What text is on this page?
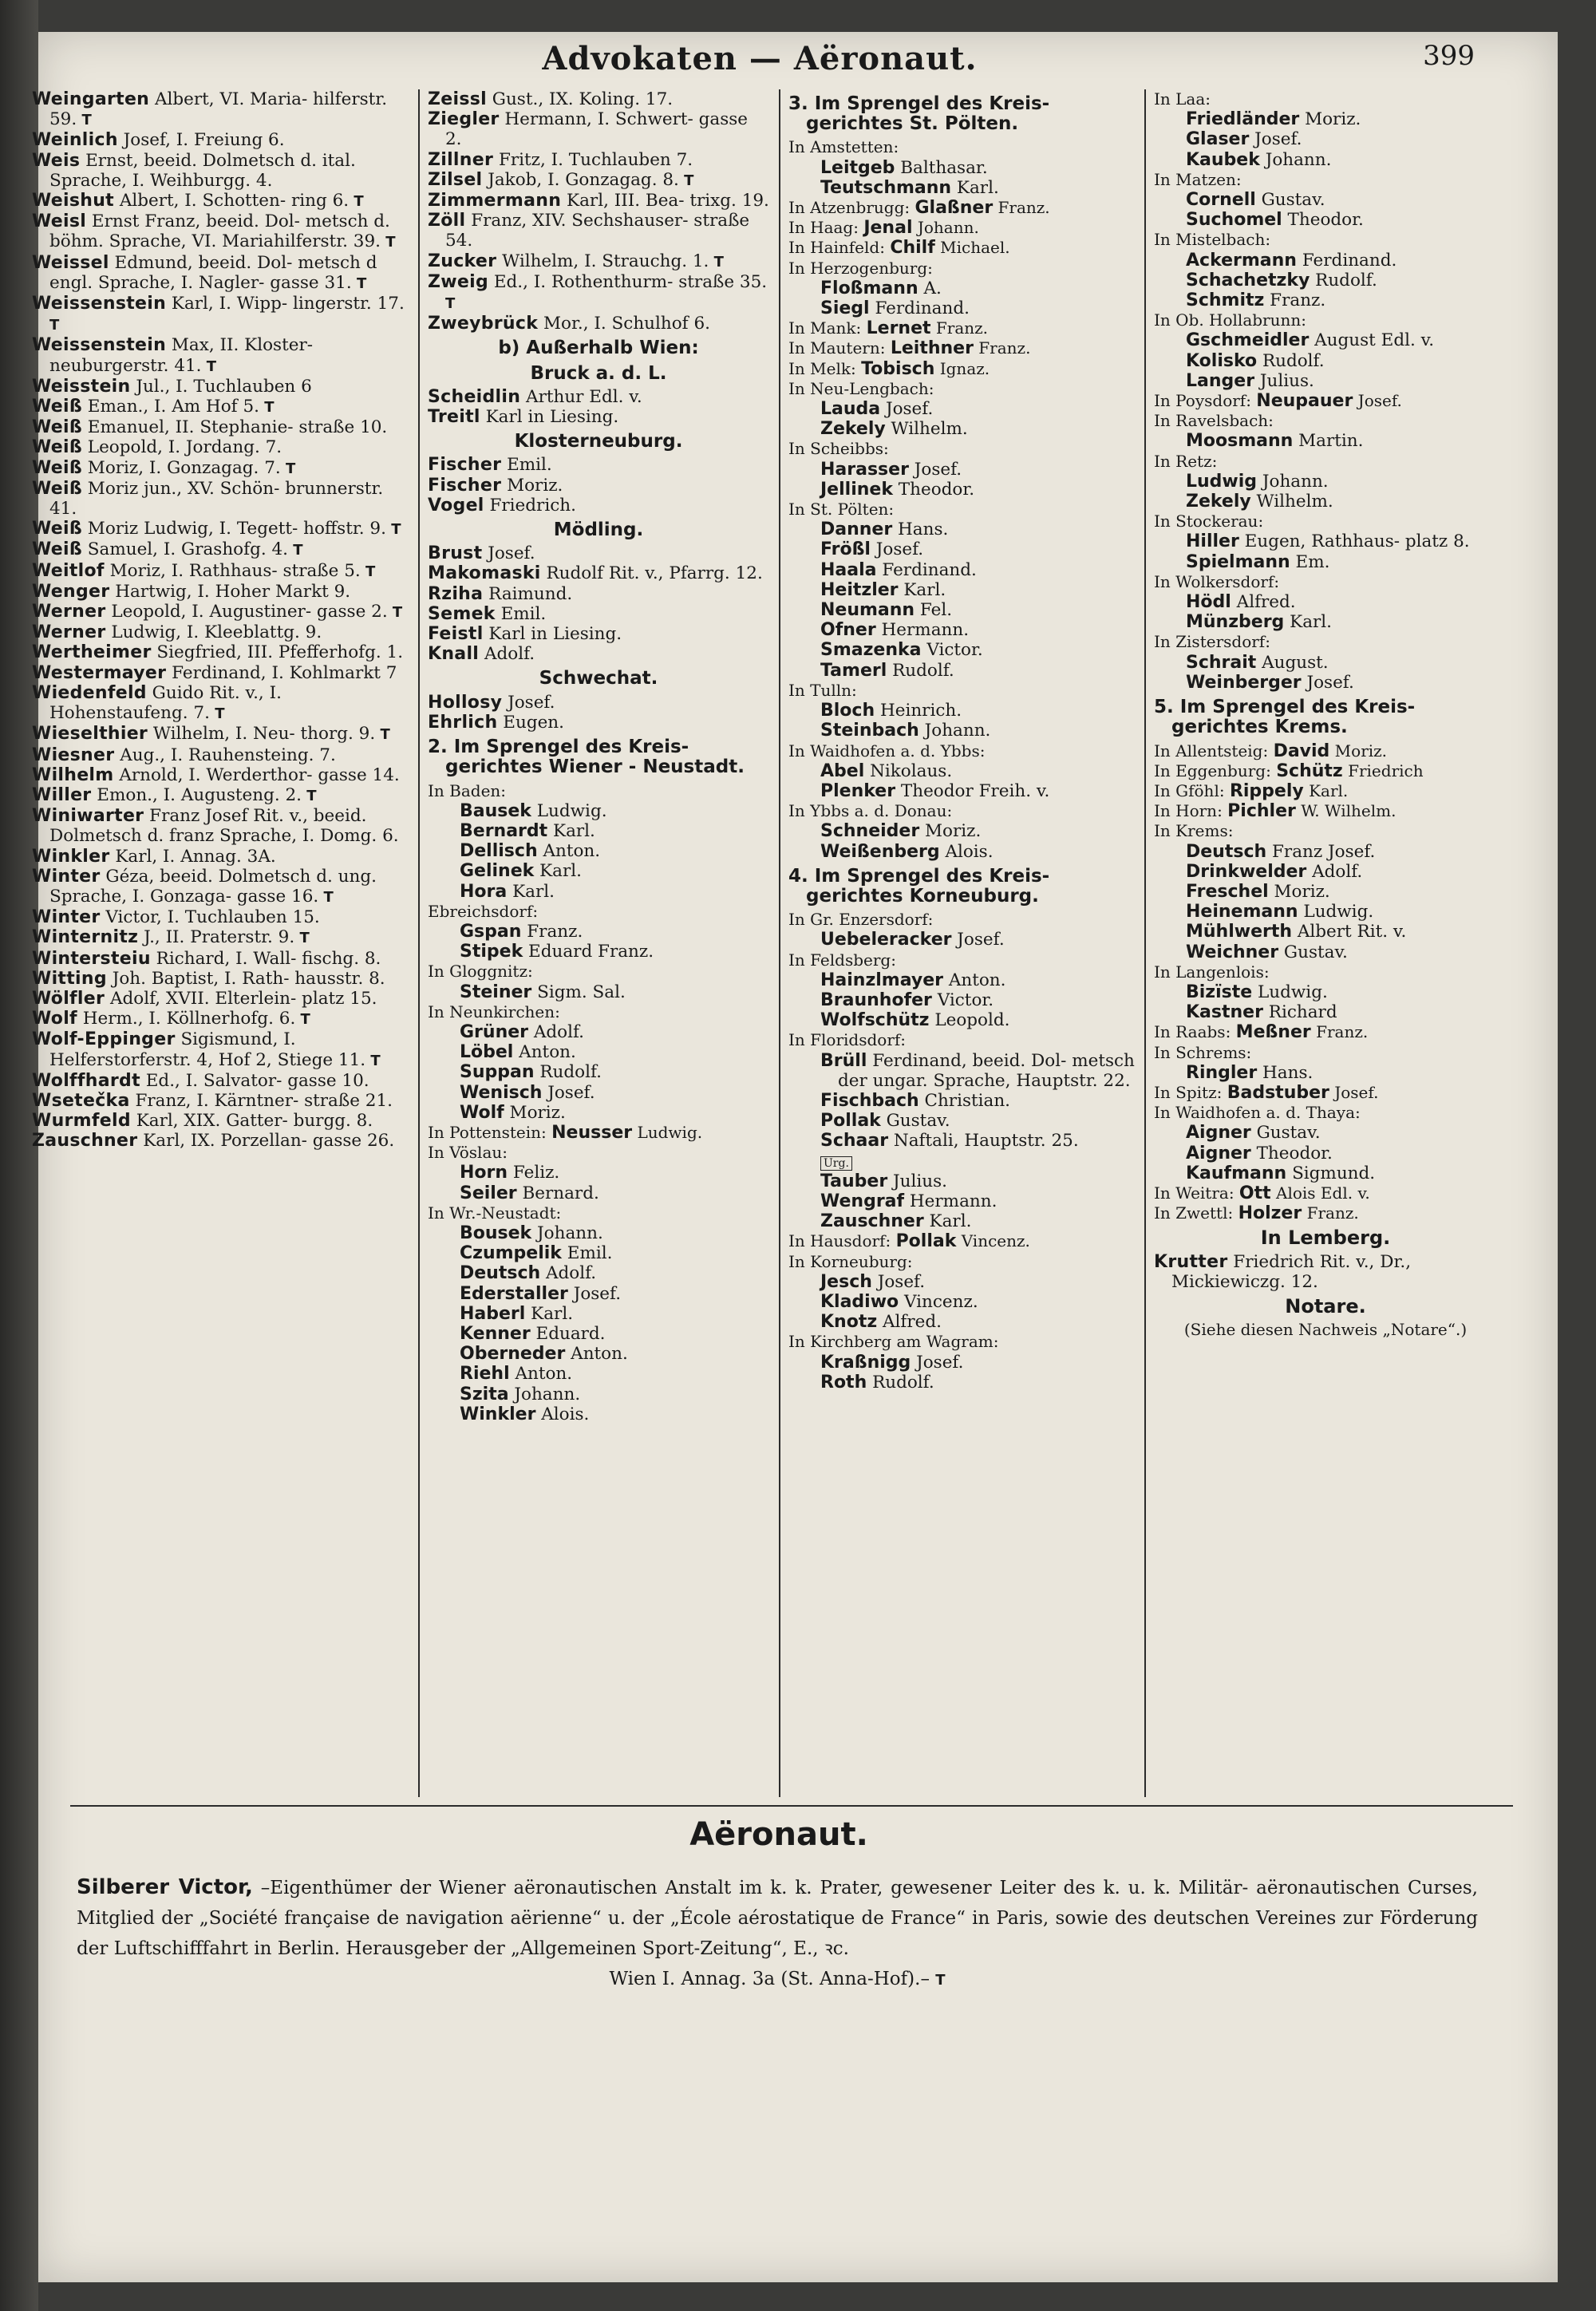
Advokaten — Aëronaut.	399

Weingarten Albert, VI. Maria- hilferstr. 59. T

Weinlich Josef, I. Freiung 6.

Weis Ernst, beeid. Dolmetsch d. ital. Sprache, I. Weihburgg. 4.

Weishut Albert, I. Schotten- ring 6. T

Weisl Ernst Franz, beeid. Dol- metsch d. böhm. Sprache, VI. Mariahilferstr. 39. T

Weissel Edmund, beeid. Dol- metsch d engl. Sprache, I. Nagler- gasse 31. T

Weissenstein Karl, I. Wipp- lingerstr. 17. T

Weissenstein Max, II. Kloster- neuburgerstr. 41. T

Weisstein Jul., I. Tuchlauben 6

Weiß Eman., I. Am Hof 5. T

Weiß Emanuel, II. Stephanie- straße 10.

Weiß Leopold, I. Jordang. 7.

Weiß Moriz, I. Gonzagag. 7. T

Weiß Moriz jun., XV. Schön- brunnerstr. 41.

Weiß Moriz Ludwig, I. Tegett- hoffstr. 9. T

Weiß Samuel, I. Grashofg. 4. T

Weitlof Moriz, I. Rathhaus- straße 5. T

Wenger Hartwig, I. Hoher Markt 9.

Werner Leopold, I. Augustiner- gasse 2. T

Werner Ludwig, I. Kleeblattg. 9.

Wertheimer Siegfried, III. Pfefferhofg. 1.

Westermayer Ferdinand, I. Kohlmarkt 7

Wiedenfeld Guido Rit. v., I. Hohenstaufeng. 7. T

Wieselthier Wilhelm, I. Neu- thorg. 9. T

Wiesner Aug., I. Rauhensteing. 7.

Wilhelm Arnold, I. Werderthor- gasse 14.

Willer Emon., I. Augusteng. 2. T

Winiwarter Franz Josef Rit. v., beeid. Dolmetsch d. franz Sprache, I. Domg. 6.

Winkler Karl, I. Annag. 3A.

Winter Géza, beeid. Dolmetsch d. ung. Sprache, I. Gonzaga- gasse 16. T

Winter Victor, I. Tuchlauben 15.

Winternitz J., II. Praterstr. 9. T

Wintersteiu Richard, I. Wall- fischg. 8.

Witting Joh. Baptist, I. Rath- hausstr. 8.

Wölfler Adolf, XVII. Elterlein- platz 15.

Wolf Herm., I. Köllnerhofg. 6. T

Wolf-Eppinger Sigismund, I. Helferstorferstr. 4, Hof 2, Stiege 11. T

Wolffhardt Ed., I. Salvator- gasse 10.

Wsetečka Franz, I. Kärntner- straße 21.

Wurmfeld Karl, XIX. Gatter- burgg. 8.

Zauschner Karl, IX. Porzellan- gasse 26.

Zeissl Gust., IX. Koling. 17.

Ziegler Hermann, I. Schwert- gasse 2.

Zillner Fritz, I. Tuchlauben 7.

Zilsel Jakob, I. Gonzagag. 8. T

Zimmermann Karl, III. Bea- trixg. 19.

Zöll Franz, XIV. Sechshauser- straße 54.

Zucker Wilhelm, I. Strauchg. 1. T

Zweig Ed., I. Rothenthurm- straße 35. T

Zweybrück Mor., I. Schulhof 6.

b) Außerhalb Wien:

Bruck a. d. L.

Scheidlin Arthur Edl. v.

Treitl Karl in Liesing.

Klosterneuburg.

Fischer Emil.

Fischer Moriz.

Vogel Friedrich.

Mödling.

Brust Josef.

Makomaski Rudolf Rit. v., Pfarrg. 12.

Rziha Raimund.

Semek Emil.

Feistl Karl in Liesing.

Knall Adolf.

Schwechat.

Hollosy Josef.

Ehrlich Eugen.

2. Im Sprengel des Kreis- gerichtes Wiener - Neustadt.

In Baden:

Bausek Ludwig.

Bernardt Karl.

Dellisch Anton.

Gelinek Karl.

Hora Karl.

Ebreichsdorf:

Gspan Franz.

Stipek Eduard Franz.

In Gloggnitz:

Steiner Sigm. Sal.

In Neunkirchen:

Grüner Adolf.

Löbel Anton.

Suppan Rudolf.

Wenisch Josef.

Wolf Moriz.

In Pottenstein: Neusser Ludwig.

In Vöslau:

Horn Feliz.

Seiler Bernard.

In Wr.-Neustadt:

Bousek Johann.

Czumpelik Emil.

Deutsch Adolf.

Ederstaller Josef.

Haberl Karl.

Kenner Eduard.

Oberneder Anton.

Riehl Anton.

Szita Johann.

Winkler Alois.

3. Im Sprengel des Kreis- gerichtes St. Pölten.

In Amstetten:

Leitgeb Balthasar.

Teutschmann Karl.

In Atzenbrugg: Glaßner Franz.

In Haag: Jenal Johann.

In Hainfeld: Chilf Michael.

In Herzogenburg:

Floßmann A.

Siegl Ferdinand.

In Mank: Lernet Franz.

In Mautern: Leithner Franz.

In Melk: Tobisch Ignaz.

In Neu-Lengbach:

Lauda Josef.

Zekely Wilhelm.

In Scheibbs:

Harasser Josef.

Jellinek Theodor.

In St. Pölten:

Danner Hans.

Frößl Josef.

Haala Ferdinand.

Heitzler Karl.

Neumann Fel.

Ofner Hermann.

Smazenka Victor.

Tamerl Rudolf.

In Tulln:

Bloch Heinrich.

Steinbach Johann.

In Waidhofen a. d. Ybbs:

Abel Nikolaus.

Plenker Theodor Freih. v.

In Ybbs a. d. Donau:

Schneider Moriz.

Weißenberg Alois.

4. Im Sprengel des Kreis- gerichtes Korneuburg.

In Gr. Enzersdorf:

Uebeleracker Josef.

In Feldsberg:

Hainzlmayer Anton.

Braunhofer Victor.

Wolfschütz Leopold.

In Floridsdorf:

Brüll Ferdinand, beeid. Dol- metsch der ungar. Sprache, Hauptstr. 22.

Fischbach Christian.

Pollak Gustav.

Schaar Naftali, Hauptstr. 25.

Urg.

Tauber Julius.

Wengraf Hermann.

Zauschner Karl.

In Hausdorf: Pollak Vincenz.

In Korneuburg:

Jesch Josef.

Kladiwo Vincenz.

Knotz Alfred.

In Kirchberg am Wagram:

Kraßnigg Josef.

Roth Rudolf.

In Laa:

Friedländer Moriz.

Glaser Josef.

Kaubek Johann.

In Matzen:

Cornell Gustav.

Suchomel Theodor.

In Mistelbach:

Ackermann Ferdinand.

Schachetzky Rudolf.

Schmitz Franz.

In Ob. Hollabrunn:

Gschmeidler August Edl. v.

Kolisko Rudolf.

Langer Julius.

In Poysdorf: Neupauer Josef.

In Ravelsbach:

Moosmann Martin.

In Retz:

Ludwig Johann.

Zekely Wilhelm.

In Stockerau:

Hiller Eugen, Rathhaus- platz 8.

Spielmann Em.

In Wolkersdorf:

Hödl Alfred.

Münzberg Karl.

In Zistersdorf:

Schrait August.

Weinberger Josef.

5. Im Sprengel des Kreis- gerichtes Krems.

In Allentsteig: David Moriz.

In Eggenburg: Schütz Friedrich

In Gföhl: Rippely Karl.

In Horn: Pichler W. Wilhelm.

In Krems:

Deutsch Franz Josef.

Drinkwelder Adolf.

Freschel Moriz.

Heinemann Ludwig.

Mühlwerth Albert Rit. v.

Weichner Gustav.

In Langenlois:

Bizïste Ludwig.

Kastner Richard

In Raabs: Meßner Franz.

In Schrems:

Ringler Hans.

In Spitz: Badstuber Josef.

In Waidhofen a. d. Thaya:

Aigner Gustav.

Aigner Theodor.

Kaufmann Sigmund.

In Weitra: Ott Alois Edl. v.

In Zwettl: Holzer Franz.

In Lemberg.

Krutter Friedrich Rit. v., Dr., Mickiewiczg. 12.

Notare.

(Siehe diesen Nachweis „Notare“.)

Aëronaut.
Silberer Victor, –Eigenthümer der Wiener aëronautischen Anstalt im k. k. Prater, gewesener Leiter des k. u. k. Militär- aëronautischen Curses, Mitglied der „Société française de navigation aërienne“ u. der „École aérostatique de France“ in Paris, sowie des deutschen Vereines zur Förderung der Luftschifffahrt in Berlin. Herausgeber der „Allgemeinen Sport-Zeitung“, E., ꝛc.
Wien I. Annag. 3a (St. Anna-Hof).– T
